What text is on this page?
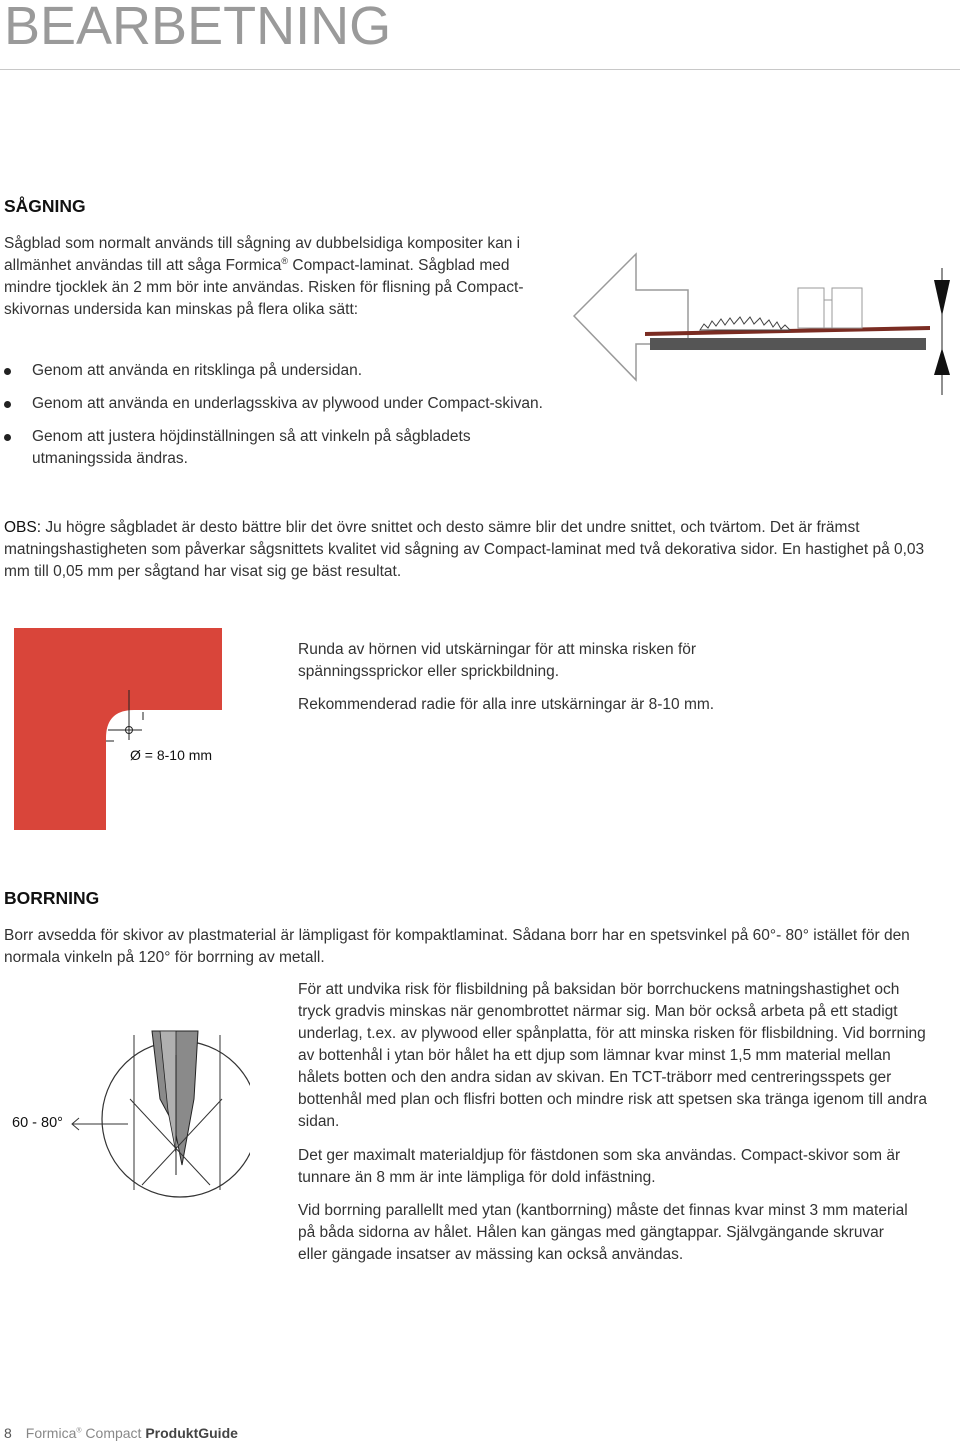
BEARBETNING
SÅGNING

Sågblad som normalt används till sågning av dubbelsidiga kompositer kan i allmänhet användas till att såga Formica® Compact-laminat. Sågblad med mindre tjocklek än 2 mm bör inte användas. Risken för flisning på Compact-skivornas undersida kan minskas på flera olika sätt:

Genom att använda en ritsklinga på undersidan.
Genom att använda en underlagsskiva av plywood under Compact-skivan.
Genom att justera höjdinställningen så att vinkeln på sågbladets utmaningssida ändras.

OBS: Ju högre sågbladet är desto bättre blir det övre snittet och desto sämre blir det undre snittet, och tvärtom. Det är främst matningshastigheten som påverkar sågsnittets kvalitet vid sågning av Compact-laminat med två dekorativa sidor. En hastighet på 0,03 mm till 0,05 mm per sågtand har visat sig ge bäst resultat.

Ø = 8-10 mm

Runda av hörnen vid utskärningar för att minska risken för spänningssprickor eller sprickbildning.

Rekommenderad radie för alla inre utskärningar är 8-10 mm.

BORRNING

Borr avsedda för skivor av plastmaterial är lämpligast för kompaktlaminat. Sådana borr har en spetsvinkel på 60°- 80° istället för den normala vinkeln på 120° för borrning av metall.

60 - 80°

För att undvika risk för flisbildning på baksidan bör borrchuckens matningshastighet och tryck gradvis minskas när genombrottet närmar sig. Man bör också arbeta på ett stadigt underlag, t.ex. av plywood eller spånplatta, för att minska risken för flisbildning. Vid borrning av bottenhål i ytan bör hålet ha ett djup som lämnar kvar minst 1,5 mm material mellan hålets botten och den andra sidan av skivan. En TCT-träborr med centreringsspets ger bottenhål med plan och flisfri botten och mindre risk att spetsen ska tränga igenom till andra sidan.

Det ger maximalt materialdjup för fästdonen som ska användas. Compact-skivor som är tunnare än 8 mm är inte lämpliga för dold infästning.

Vid borrning parallellt med ytan (kantborrning) måste det finnas kvar minst 3 mm material på båda sidorna av hålet. Hålen kan gängas med gängtappar. Självgängande skruvar eller gängade insatser av mässing kan också användas.

8 Formica® Compact ProduktGuide
